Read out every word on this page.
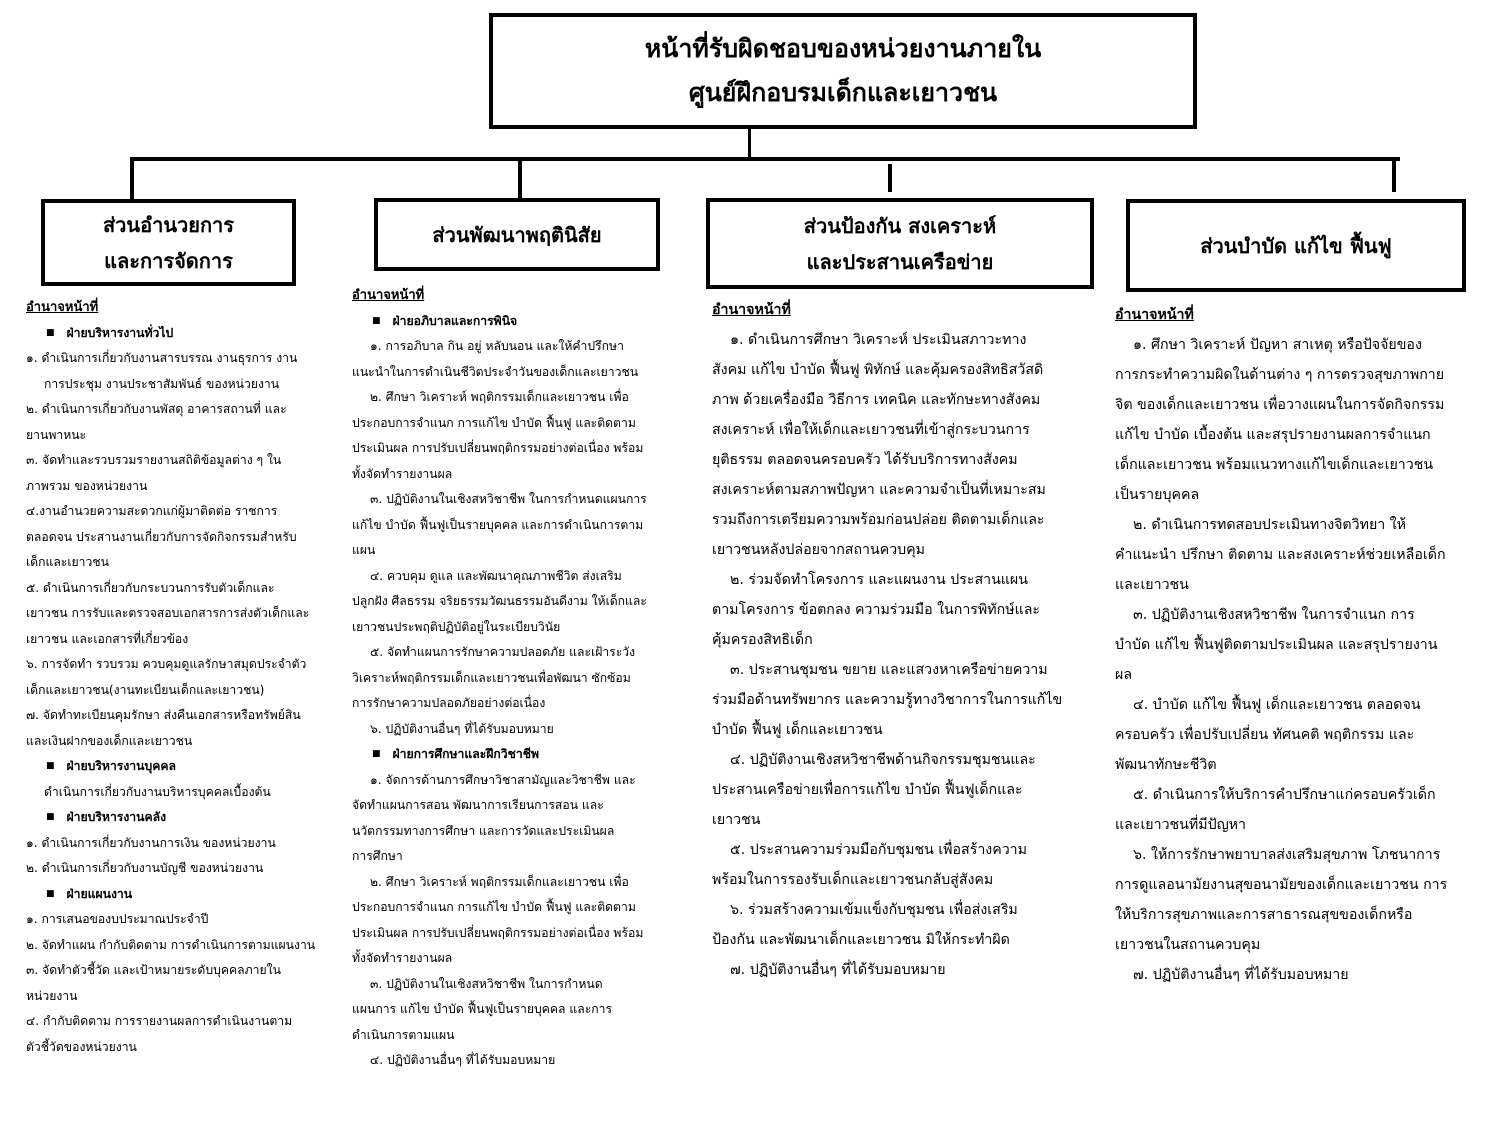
หน้าที่รับผิดชอบของหน่วยงานภายใน
ศูนย์ฝึกอบรมเด็กและเยาวชน
ส่วนอำนวยการ
และการจัดการ
ส่วนพัฒนาพฤตินิสัย	ส่วนป้องกัน สงเคราะห์
และประสานเครือข่าย
ส่วนบำบัด แก้ไข ฟื้นฟู
อำนาจหน้าที่
■ ฝ่ายบริหารงานทั่วไป
๑. ดำเนินการเกี่ยวกับงานสารบรรณ งานธุรการ งาน
การประชุม งานประชาสัมพันธ์ ของหน่วยงาน
๒. ดำเนินการเกี่ยวกับงานพัสดุ อาคารสถานที่ และ
ยานพาหนะ
๓. จัดทำและรวบรวมรายงานสถิติข้อมูลต่าง ๆ ใน
ภาพรวม ของหน่วยงาน
๔.งานอำนวยความสะดวกแก่ผู้มาติดต่อ ราชการ
ตลอดจน ประสานงานเกี่ยวกับการจัดกิจกรรมสำหรับ
เด็กและเยาวชน
๕. ดำเนินการเกี่ยวกับกระบวนการรับตัวเด็กและ
เยาวชน การรับและตรวจสอบเอกสารการส่งตัวเด็กและ
เยาวชน และเอกสารที่เกี่ยวข้อง
๖. การจัดทำ รวบรวม ควบคุมดูแลรักษาสมุดประจำตัว
เด็กและเยาวชน(งานทะเบียนเด็กและเยาวชน)
๗. จัดทำทะเบียนคุมรักษา ส่งคืนเอกสารหรือทรัพย์สิน
และเงินฝากของเด็กและเยาวชน
■ ฝ่ายบริหารงานบุคคล
ดำเนินการเกี่ยวกับงานบริหารบุคคลเบื้องต้น
■ ฝ่ายบริหารงานคลัง
๑. ดำเนินการเกี่ยวกับงานการเงิน ของหน่วยงาน
๒. ดำเนินการเกี่ยวกับงานบัญชี ของหน่วยงาน
■ ฝ่ายแผนงาน
๑. การเสนอของบประมาณประจำปี
๒. จัดทำแผน กำกับติดตาม การดำเนินการตามแผนงาน
๓. จัดทำตัวชี้วัด และเป้าหมายระดับบุคคลภายใน
หน่วยงาน
๔. กำกับติดตาม การรายงานผลการดำเนินงานตาม
ตัวชี้วัดของหน่วยงาน
อำนาจหน้าที่
■ ฝ่ายอภิบาลและการพินิจ
๑. การอภิบาล กิน อยู่ หลับนอน และให้คำปรึกษา
แนะนำในการดำเนินชีวิตประจำวันของเด็กและเยาวชน
๒. ศึกษา วิเคราะห์ พฤติกรรมเด็กและเยาวชน เพื่อ
ประกอบการจำแนก การแก้ไข บำบัด ฟื้นฟู และติดตาม
ประเมินผล การปรับเปลี่ยนพฤติกรรมอย่างต่อเนื่อง พร้อม
ทั้งจัดทำรายงานผล
๓. ปฏิบัติงานในเชิงสหวิชาชีพ ในการกำหนดแผนการ
แก้ไข บำบัด ฟื้นฟูเป็นรายบุคคล และการดำเนินการตาม
แผน
๔. ควบคุม ดูแล และพัฒนาคุณภาพชีวิต ส่งเสริม
ปลูกฝัง ศีลธรรม จริยธรรมวัฒนธรรมอันดีงาม ให้เด็กและ
เยาวชนประพฤติปฏิบัติอยู่ในระเบียบวินัย
๕. จัดทำแผนการรักษาความปลอดภัย และเฝ้าระวัง
วิเคราะห์พฤติกรรมเด็กและเยาวชนเพื่อพัฒนา ซักซ้อม
การรักษาความปลอดภัยอย่างต่อเนื่อง
๖. ปฏิบัติงานอื่นๆ ที่ได้รับมอบหมาย
■ ฝ่ายการศึกษาและฝึกวิชาชีพ
๑. จัดการด้านการศึกษาวิชาสามัญและวิชาชีพ และ
จัดทำแผนการสอน พัฒนาการเรียนการสอน และ
นวัตกรรมทางการศึกษา และการวัดและประเมินผล
การศึกษา
๒. ศึกษา วิเคราะห์ พฤติกรรมเด็กและเยาวชน เพื่อ
ประกอบการจำแนก การแก้ไข บำบัด ฟื้นฟู และติดตาม
ประเมินผล การปรับเปลี่ยนพฤติกรรมอย่างต่อเนื่อง พร้อม
ทั้งจัดทำรายงานผล
๓. ปฏิบัติงานในเชิงสหวิชาชีพ ในการกำหนด
แผนการ แก้ไข บำบัด ฟื้นฟูเป็นรายบุคคล และการ
ดำเนินการตามแผน
๔. ปฏิบัติงานอื่นๆ ที่ได้รับมอบหมาย
อำนาจหน้าที่
๑. ดำเนินการศึกษา วิเคราะห์ ประเมินสภาวะทาง
สังคม แก้ไข บำบัด ฟื้นฟู พิทักษ์ และคุ้มครองสิทธิสวัสดิ
ภาพ ด้วยเครื่องมือ วิธีการ เทคนิค และทักษะทางสังคม
สงเคราะห์ เพื่อให้เด็กและเยาวชนที่เข้าสู่กระบวนการ
ยุติธรรม ตลอดจนครอบครัว ได้รับบริการทางสังคม
สงเคราะห์ตามสภาพปัญหา และความจำเป็นที่เหมาะสม
รวมถึงการเตรียมความพร้อมก่อนปล่อย ติดตามเด็กและ
เยาวชนหลังปล่อยจากสถานควบคุม
๒. ร่วมจัดทำโครงการ และแผนงาน ประสานแผน
ตามโครงการ ข้อตกลง ความร่วมมือ ในการพิทักษ์และ
คุ้มครองสิทธิเด็ก
๓. ประสานชุมชน ขยาย และแสวงหาเครือข่ายความ
ร่วมมือด้านทรัพยากร และความรู้ทางวิชาการในการแก้ไข
บำบัด ฟื้นฟู เด็กและเยาวชน
๔. ปฏิบัติงานเชิงสหวิชาชีพด้านกิจกรรมชุมชนและ
ประสานเครือข่ายเพื่อการแก้ไข บำบัด ฟื้นฟูเด็กและ
เยาวชน
๕. ประสานความร่วมมือกับชุมชน เพื่อสร้างความ
พร้อมในการรองรับเด็กและเยาวชนกลับสู่สังคม
๖. ร่วมสร้างความเข้มแข็งกับชุมชน เพื่อส่งเสริม
ป้องกัน และพัฒนาเด็กและเยาวชน มิให้กระทำผิด
๗. ปฏิบัติงานอื่นๆ ที่ได้รับมอบหมาย
อำนาจหน้าที่
๑. ศึกษา วิเคราะห์ ปัญหา สาเหตุ หรือปัจจัยของ
การกระทำความผิดในด้านต่าง ๆ การตรวจสุขภาพกาย
จิต ของเด็กและเยาวชน เพื่อวางแผนในการจัดกิจกรรม
แก้ไข บำบัด เบื้องต้น และสรุปรายงานผลการจำแนก
เด็กและเยาวชน พร้อมแนวทางแก้ไขเด็กและเยาวชน
เป็นรายบุคคล
๒. ดำเนินการทดสอบประเมินทางจิตวิทยา ให้
คำแนะนำ ปรึกษา ติดตาม และสงเคราะห์ช่วยเหลือเด็ก
และเยาวชน
๓. ปฏิบัติงานเชิงสหวิชาชีพ ในการจำแนก การ
บำบัด แก้ไข ฟื้นฟูติดตามประเมินผล และสรุปรายงาน
ผล
๔. บำบัด แก้ไข ฟื้นฟู เด็กและเยาวชน ตลอดจน
ครอบครัว เพื่อปรับเปลี่ยน ทัศนคติ พฤติกรรม และ
พัฒนาทักษะชีวิต
๕. ดำเนินการให้บริการคำปรึกษาแก่ครอบครัวเด็ก
และเยาวชนที่มีปัญหา
๖. ให้การรักษาพยาบาลส่งเสริมสุขภาพ โภชนาการ
การดูแลอนามัยงานสุขอนามัยของเด็กและเยาวชน การ
ให้บริการสุขภาพและการสาธารณสุขของเด็กหรือ
เยาวชนในสถานควบคุม
๗. ปฏิบัติงานอื่นๆ ที่ได้รับมอบหมาย
